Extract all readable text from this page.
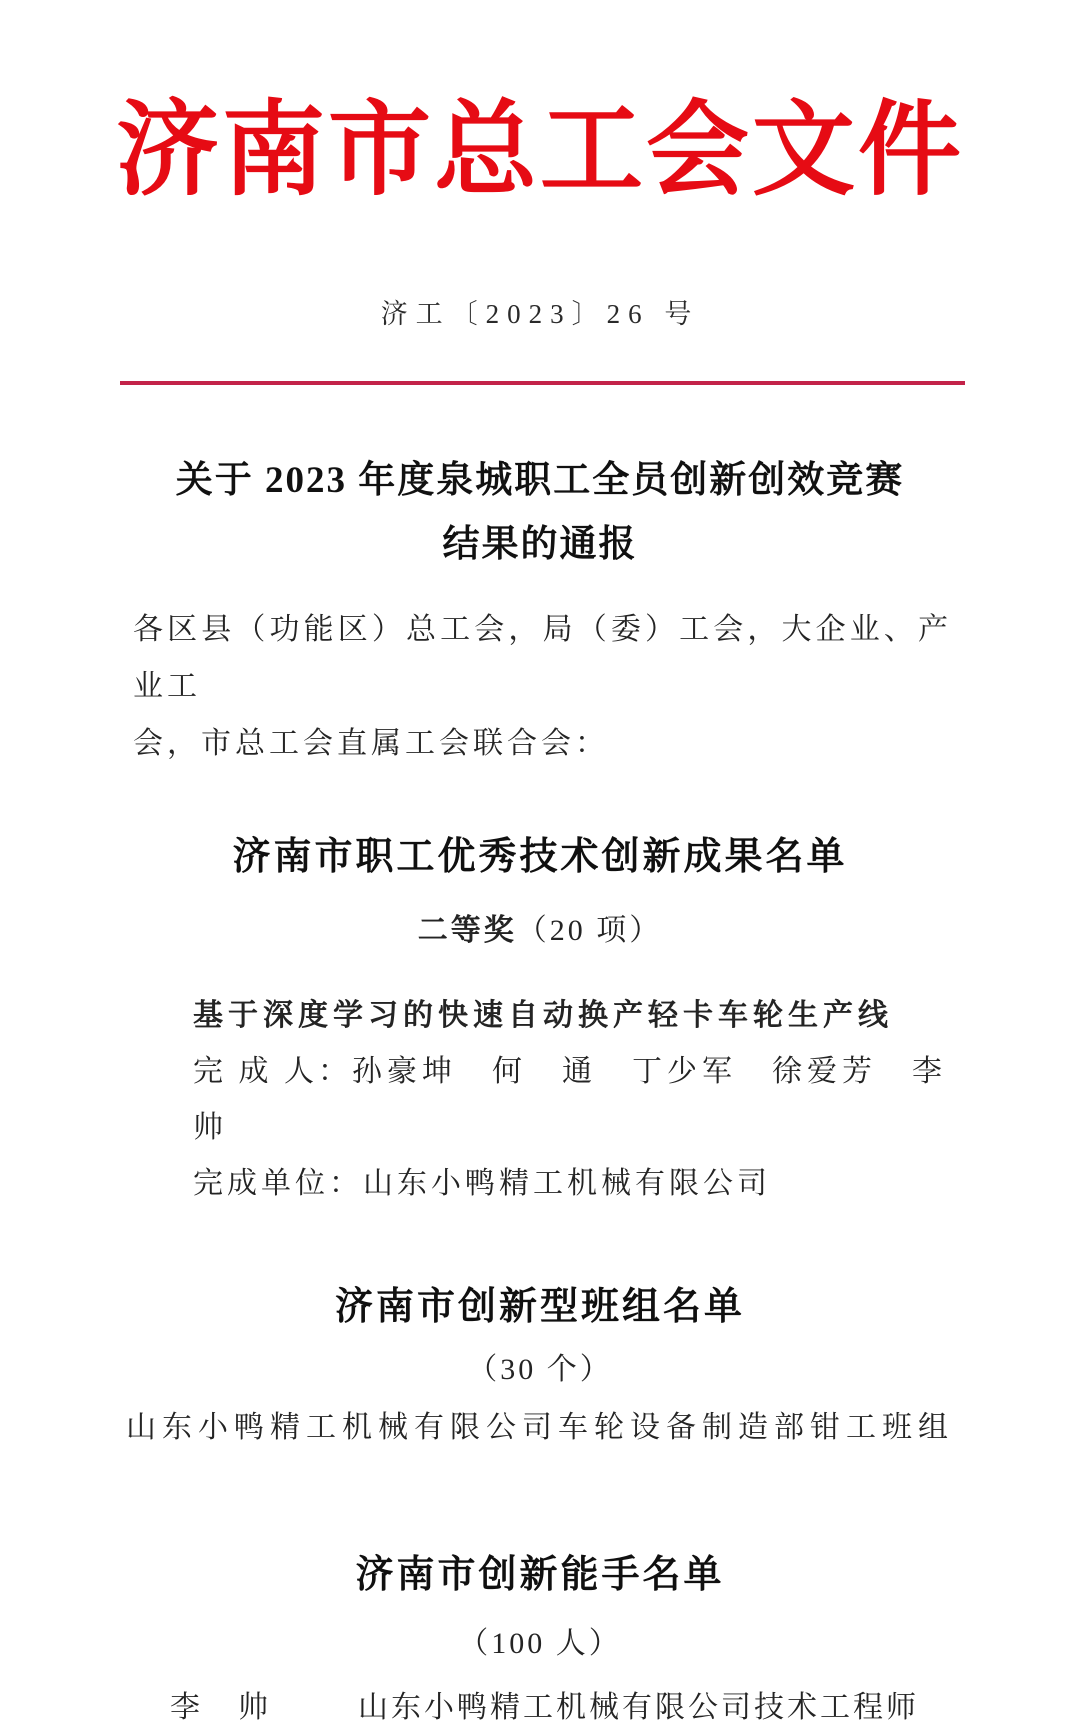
济南市总工会文件
济工〔2023〕26 号
关于 2023 年度泉城职工全员创新创效竞赛
结果的通报

各区县（功能区）总工会，局（委）工会，大企业、产业工
会，市总工会直属工会联合会：

济南市职工优秀技术创新成果名单
二等奖（20 项）
基于深度学习的快速自动换产轻卡车轮生产线
完 成 人：孙豪坤　何　通　丁少军　徐爱芳　李　帅
完成单位：山东小鸭精工机械有限公司
济南市创新型班组名单
（30 个）
山东小鸭精工机械有限公司车轮设备制造部钳工班组
济南市创新能手名单
（100 人）
李　帅	山东小鸭精工机械有限公司技术工程师
